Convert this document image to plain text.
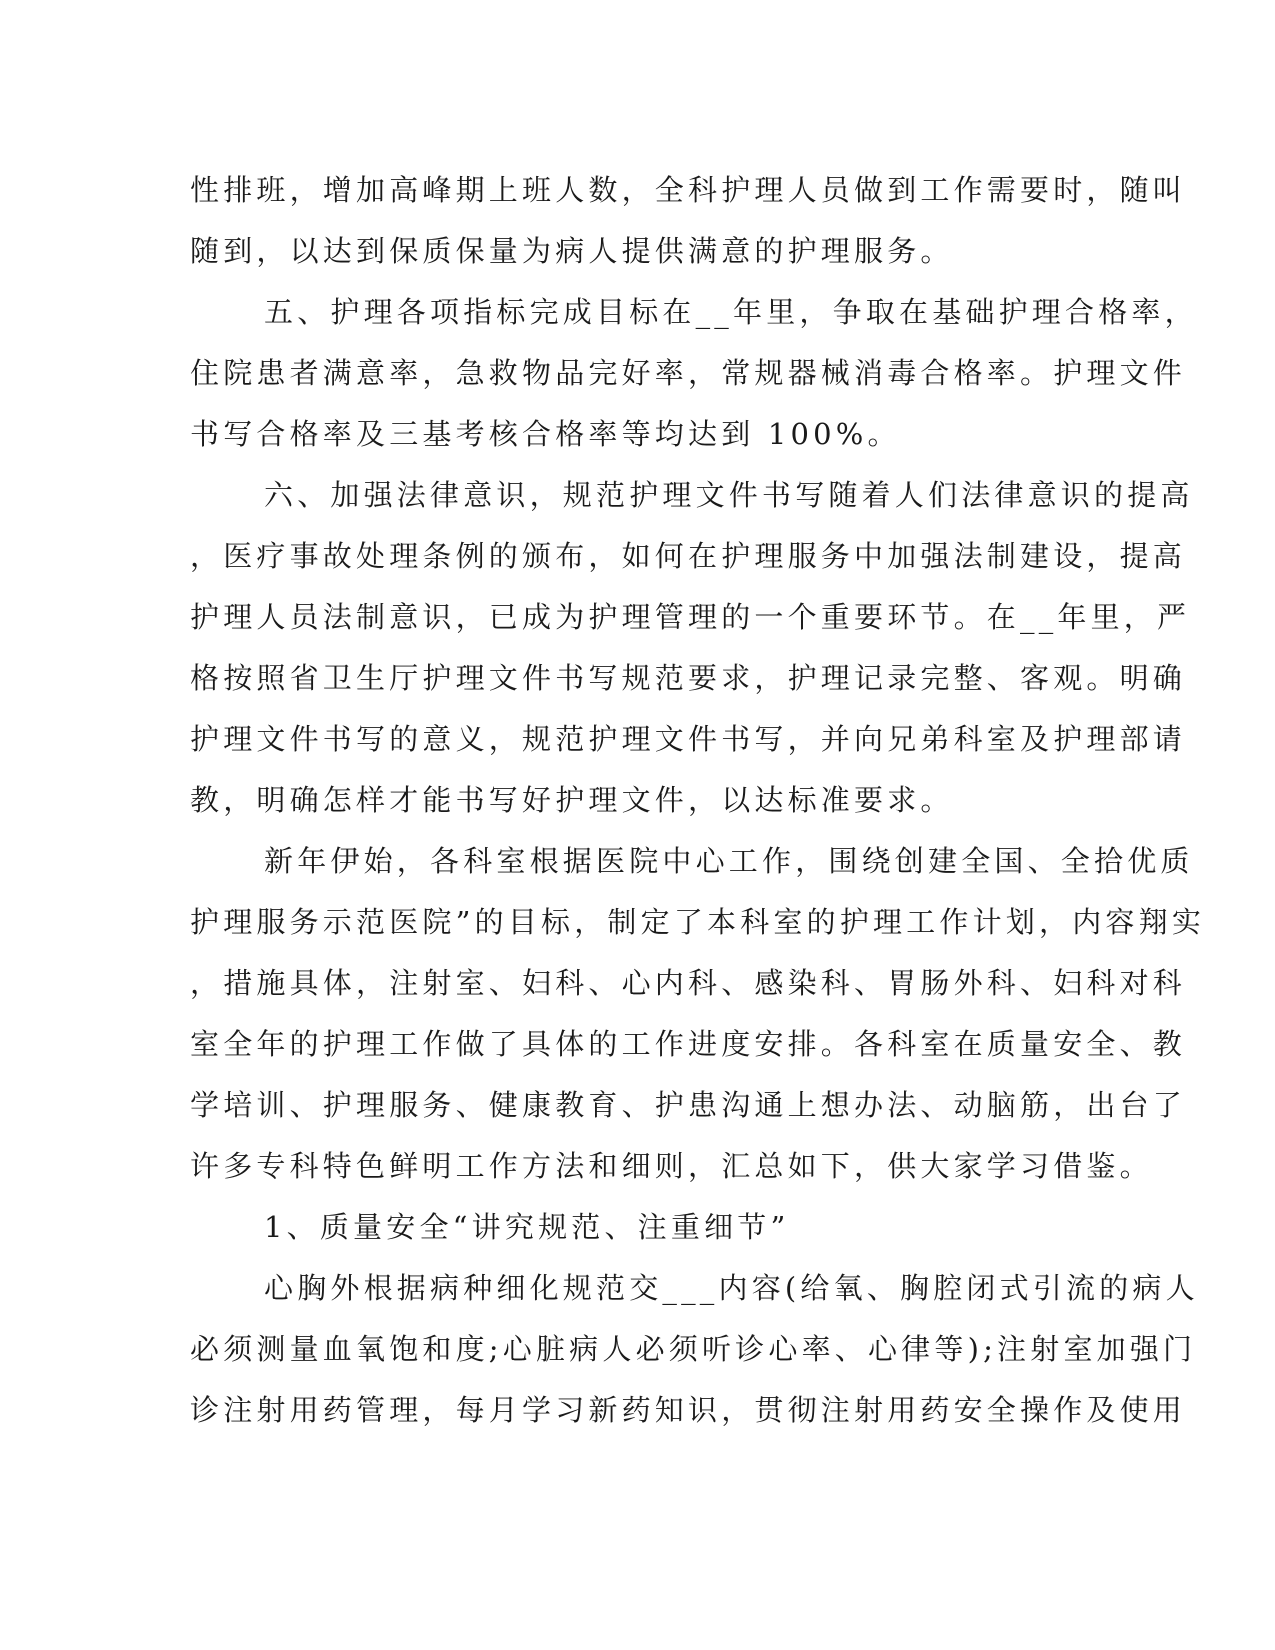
性排班，增加高峰期上班人数，全科护理人员做到工作需要时，随叫
随到，以达到保质保量为病人提供满意的护理服务。
五、护理各项指标完成目标在__年里，争取在基础护理合格率，
住院患者满意率，急救物品完好率，常规器械消毒合格率。护理文件
书写合格率及三基考核合格率等均达到 100%。
六、加强法律意识，规范护理文件书写随着人们法律意识的提高
，医疗事故处理条例的颁布，如何在护理服务中加强法制建设，提高
护理人员法制意识，已成为护理管理的一个重要环节。在__年里，严
格按照省卫生厅护理文件书写规范要求，护理记录完整、客观。明确
护理文件书写的意义，规范护理文件书写，并向兄弟科室及护理部请
教，明确怎样才能书写好护理文件，以达标准要求。
新年伊始，各科室根据医院中心工作，围绕创建全国、全拾优质
护理服务示范医院”的目标，制定了本科室的护理工作计划，内容翔实
，措施具体，注射室、妇科、心内科、感染科、胃肠外科、妇科对科
室全年的护理工作做了具体的工作进度安排。各科室在质量安全、教
学培训、护理服务、健康教育、护患沟通上想办法、动脑筋，出台了
许多专科特色鲜明工作方法和细则，汇总如下，供大家学习借鉴。
1、质量安全“讲究规范、注重细节”
心胸外根据病种细化规范交___内容(给氧、胸腔闭式引流的病人
必须测量血氧饱和度;心脏病人必须听诊心率、心律等);注射室加强门
诊注射用药管理，每月学习新药知识，贯彻注射用药安全操作及使用
